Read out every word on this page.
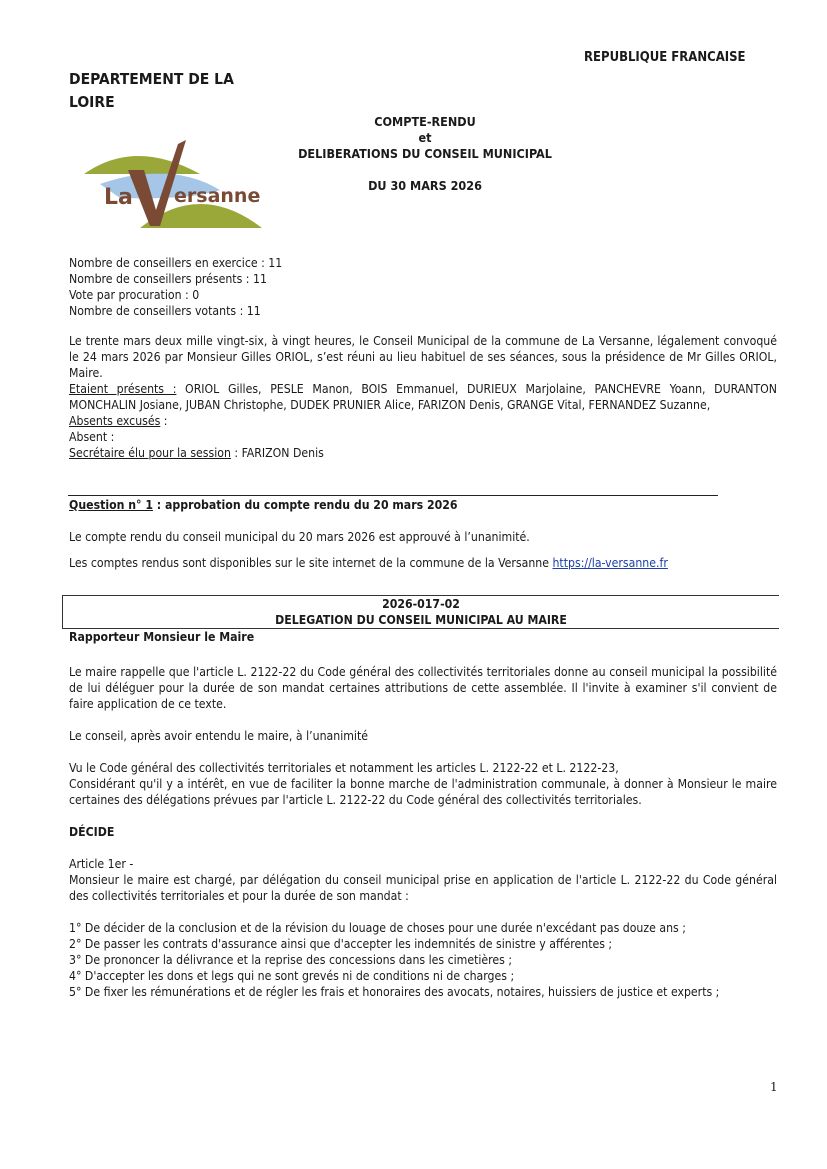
REPUBLIQUE FRANCAISE
DEPARTEMENT DE LA
LOIRE
COMPTE-RENDU
et
DELIBERATIONS DU CONSEIL MUNICIPAL
DU 30 MARS 2026
La ersanne
Nombre de conseillers en exercice : 11
Nombre de conseillers présents : 11
Vote par procuration : 0
Nombre de conseillers votants : 11

Le trente mars deux mille vingt-six, à vingt heures, le Conseil Municipal de la commune de La Versanne, légalement convoqué le 24 mars 2026 par Monsieur Gilles ORIOL, s’est réuni au lieu habituel de ses séances, sous la présidence de Mr Gilles ORIOL, Maire.

Etaient présents : ORIOL Gilles, PESLE Manon, BOIS Emmanuel, DURIEUX Marjolaine, PANCHEVRE Yoann, DURANTON MONCHALIN Josiane, JUBAN Christophe, DUDEK PRUNIER Alice, FARIZON Denis, GRANGE Vital, FERNANDEZ Suzanne,

Absents excusés :

Absent :

Secrétaire élu pour la session : FARIZON Denis

Question n° 1 : approbation du compte rendu du 20 mars 2026
Le compte rendu du conseil municipal du 20 mars 2026 est approuvé à l’unanimité.
Les comptes rendus sont disponibles sur le site internet de la commune de la Versanne https://la-versanne.fr
2026-017-02
DELEGATION DU CONSEIL MUNICIPAL AU MAIRE
Rapporteur Monsieur le Maire

Le maire rappelle que l'article L. 2122-22 du Code général des collectivités territoriales donne au conseil municipal la possibilité de lui déléguer pour la durée de son mandat certaines attributions de cette assemblée. Il l'invite à examiner s'il convient de faire application de ce texte.

Le conseil, après avoir entendu le maire, à l’unanimité

Vu le Code général des collectivités territoriales et notamment les articles L. 2122-22 et L. 2122-23,

Considérant qu'il y a intérêt, en vue de faciliter la bonne marche de l'administration communale, à donner à Monsieur le maire certaines des délégations prévues par l'article L. 2122-22 du Code général des collectivités territoriales.

DÉCIDE

Article 1er -

Monsieur le maire est chargé, par délégation du conseil municipal prise en application de l'article L. 2122-22 du Code général des collectivités territoriales et pour la durée de son mandat :

1° De décider de la conclusion et de la révision du louage de choses pour une durée n'excédant pas douze ans ;

2° De passer les contrats d'assurance ainsi que d'accepter les indemnités de sinistre y afférentes ;

3° De prononcer la délivrance et la reprise des concessions dans les cimetières ;

4° D'accepter les dons et legs qui ne sont grevés ni de conditions ni de charges ;

5° De fixer les rémunérations et de régler les frais et honoraires des avocats, notaires, huissiers de justice et experts ;

1
